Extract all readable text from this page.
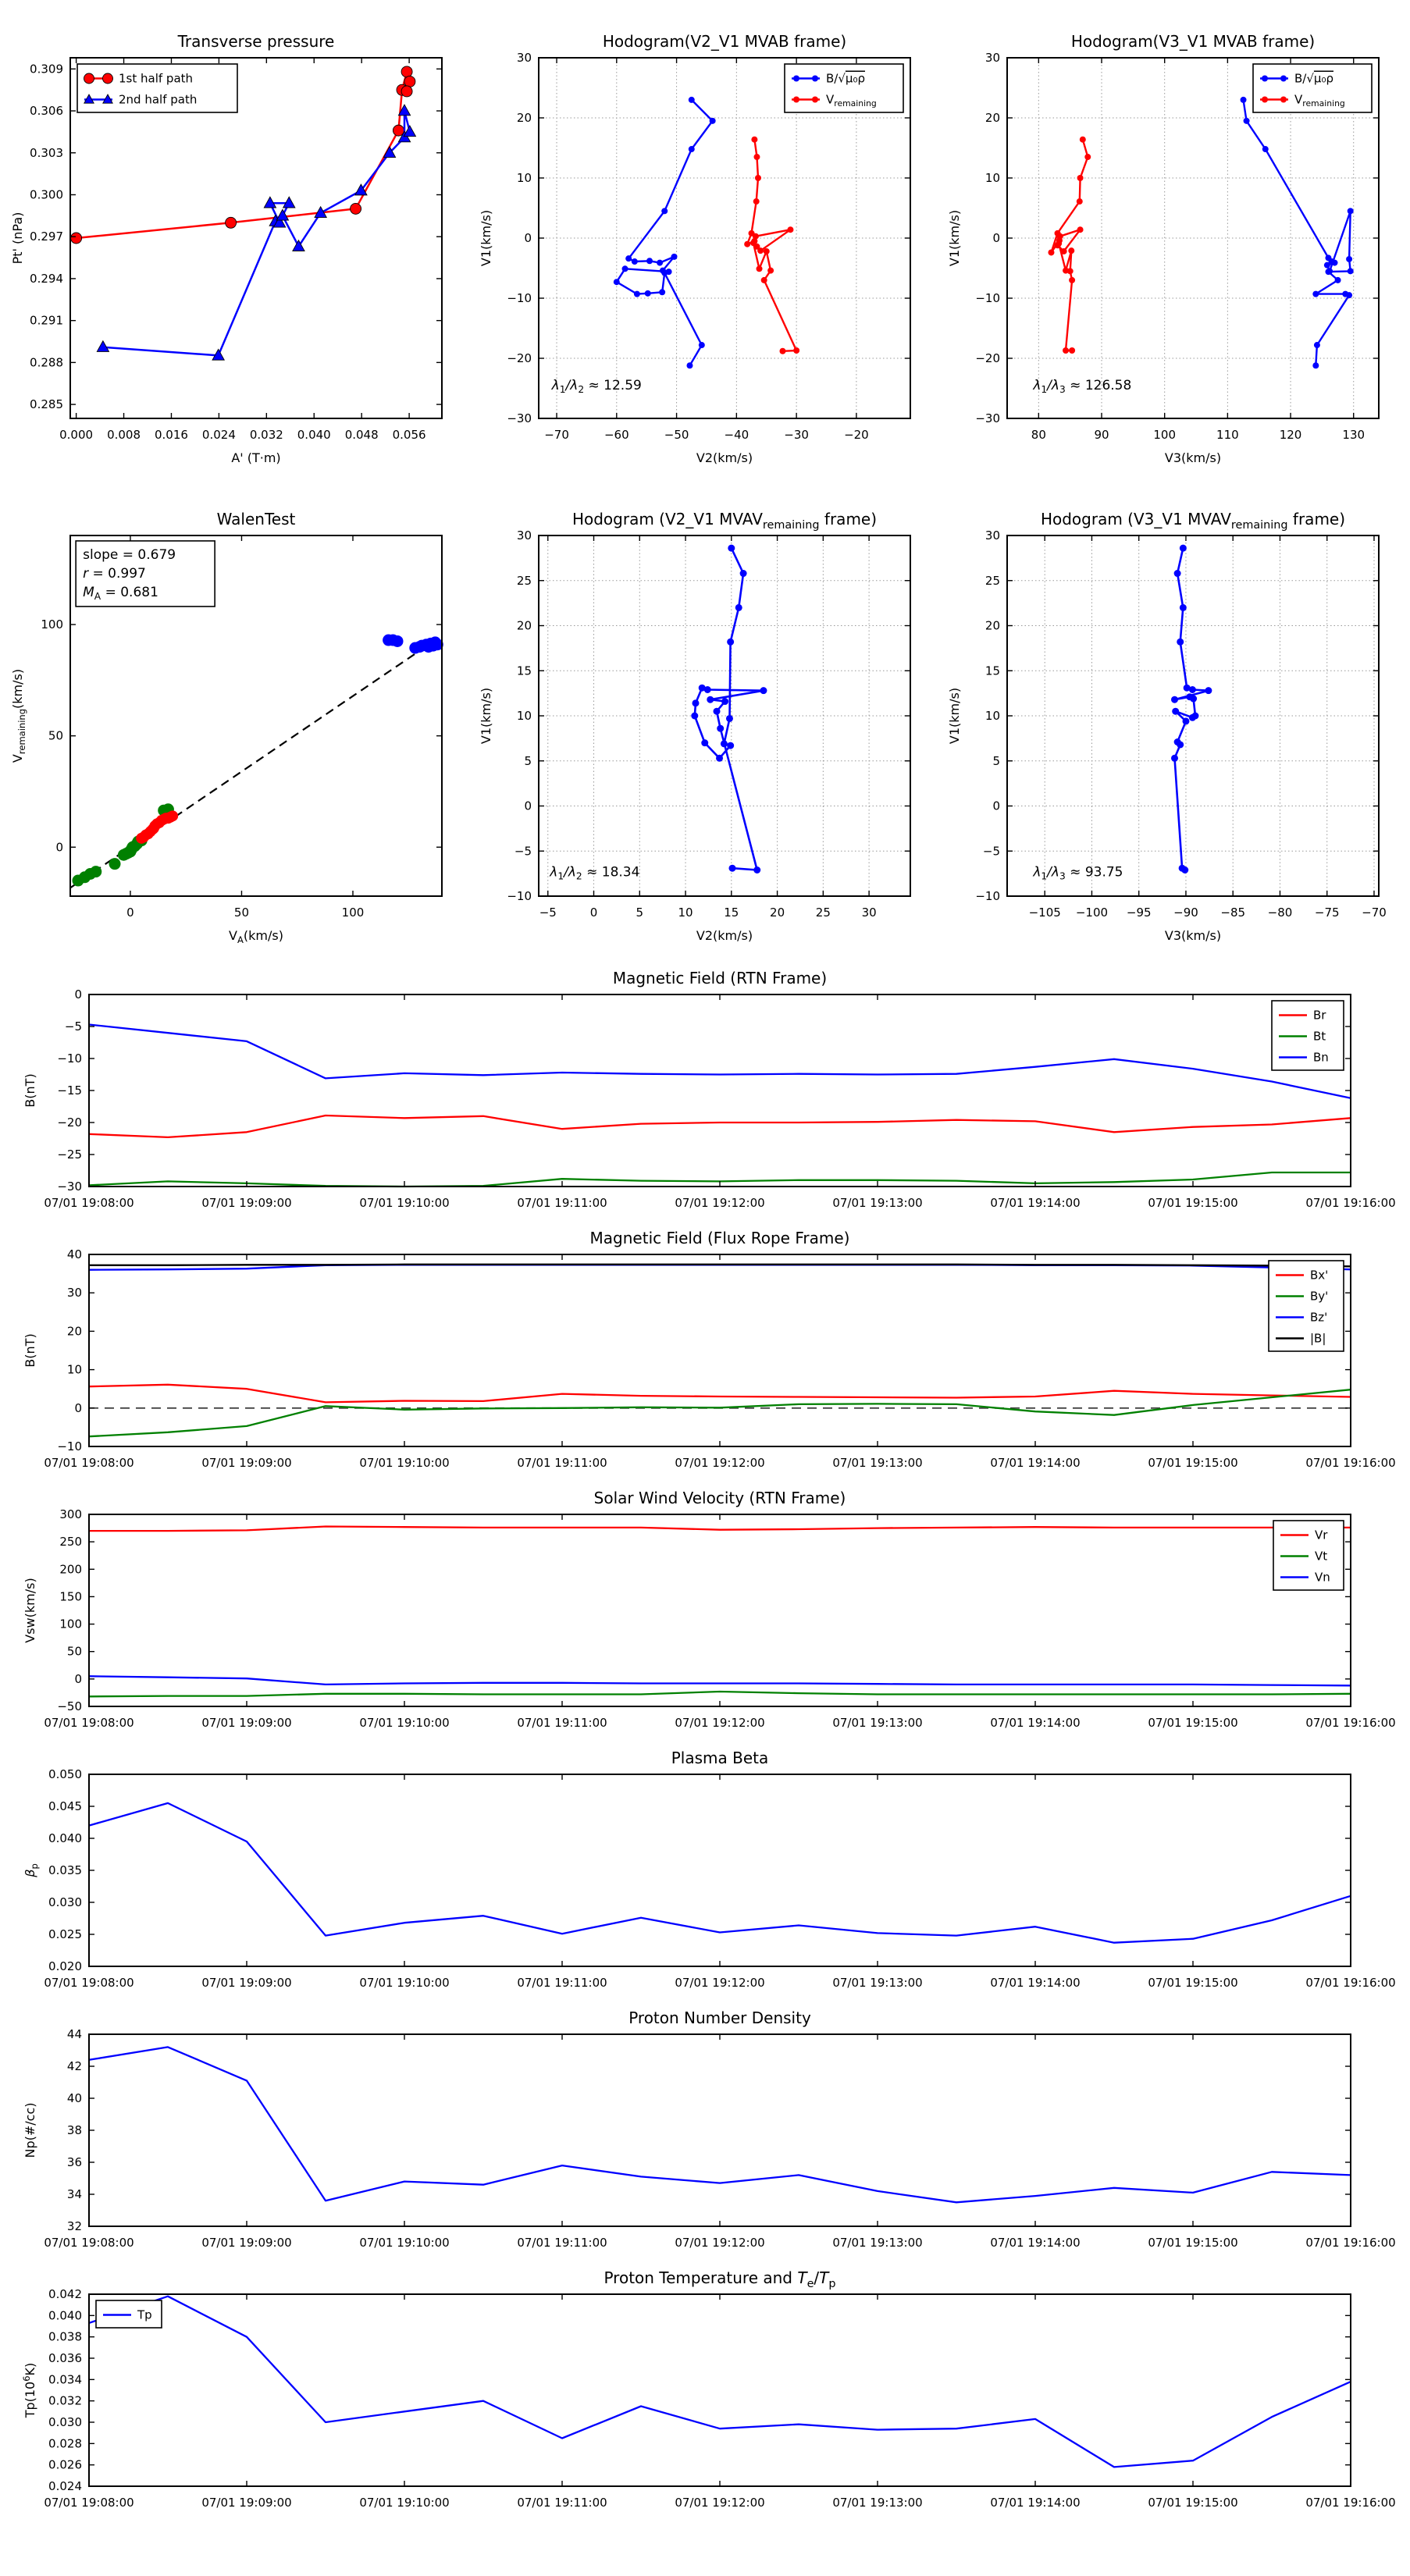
0.000 0.008 0.016 0.024 0.032 0.040 0.048 0.056
0.285
0.288
0.291
0.294
0.297
0.300
0.303
0.306
0.309
Transverse pressure
A' (T·m)
Pt' (nPa)
1st half path
2nd half path
−70	−60	−50	−40	−30	−20
−30
−20
−10
0
10
20
30
Hodogram(V2_V1 MVAB frame)
V2(km/s)
V1(km/s)
B/√μ₀ρ
$V_{remaining}$
$\lambda_1/\lambda_2 \approx 12.59$
80	90	100	110	120	130
−30
−20
−10
0
10
20
30
Hodogram(V3_V1 MVAB frame)
V3(km/s)
V1(km/s)
B/√μ₀ρ
$V_{remaining}$
$\lambda_1/\lambda_3 \approx 126.58$
0	50	100
0
50
100
WalenTest
$V_A(km/s)$
$V_{remaining}(km/s)$
slope = 0.679
r = 0.997
$M_A = 0.681$
−5	0	5	10	15	20	25	30
−10
−5
0
5
10
15
20
25
30
Hodogram (V2_V1 $MVAV_{remaining}$ frame)
V2(km/s)
V1(km/s)
$\lambda_1/\lambda_2 \approx 18.34$
−105 −100 −95 −90 −85 −80 −75 −70
−10
−5
0
5
10
15
20
25
30
Hodogram (V3_V1 $MVAV_{remaining}$ frame)
V3(km/s)
V1(km/s)
$\lambda_1/\lambda_3 \approx 93.75$
07/01 19:08:00	07/01 19:09:00	07/01 19:10:00	07/01 19:11:00	07/01 19:12:00	07/01 19:13:00	07/01 19:14:00	07/01 19:15:00	07/01 19:16:00
−30
−25
−20
−15
−10
−5
0
Magnetic Field (RTN Frame)
B(nT)
Br
Bt
Bn
07/01 19:08:00	07/01 19:09:00	07/01 19:10:00	07/01 19:11:00	07/01 19:12:00	07/01 19:13:00	07/01 19:14:00	07/01 19:15:00	07/01 19:16:00
−10
0
10
20
30
40
Magnetic Field (Flux Rope Frame)
B(nT)
Bx'
By'
Bz'
|B|
07/01 19:08:00	07/01 19:09:00	07/01 19:10:00	07/01 19:11:00	07/01 19:12:00	07/01 19:13:00	07/01 19:14:00	07/01 19:15:00	07/01 19:16:00
−50
0
50
100
150
200
250
300
Solar Wind Velocity (RTN Frame)
Vsw(km/s)
Vr
Vt
Vn
07/01 19:08:00	07/01 19:09:00	07/01 19:10:00	07/01 19:11:00	07/01 19:12:00	07/01 19:13:00	07/01 19:14:00	07/01 19:15:00	07/01 19:16:00
0.020
0.025
0.030
0.035
0.040
0.045
0.050
Plasma Beta
$\beta_p$
07/01 19:08:00	07/01 19:09:00	07/01 19:10:00	07/01 19:11:00	07/01 19:12:00	07/01 19:13:00	07/01 19:14:00	07/01 19:15:00	07/01 19:16:00
32
34
36
38
40
42
44
Proton Number Density
Np(#/cc)
07/01 19:08:00	07/01 19:09:00	07/01 19:10:00	07/01 19:11:00	07/01 19:12:00	07/01 19:13:00	07/01 19:14:00	07/01 19:15:00	07/01 19:16:00
0.024
0.026
0.028
0.030
0.032
0.034
0.036
0.038
0.040
0.042
Proton Temperature and $T_e/T_p$
$Tp(10^6K)$
Tp
